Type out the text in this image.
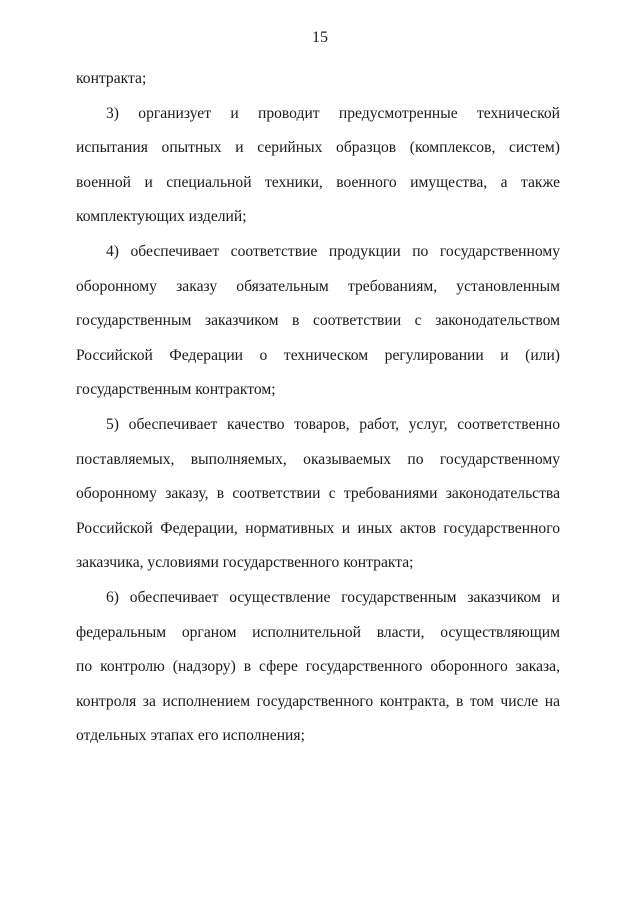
15
контракта;
3) организует и проводит предусмотренные технической
испытания опытных и серийных образцов (комплексов, систем)
военной и специальной техники, военного имущества, а также
комплектующих изделий;
4) обеспечивает соответствие продукции по государственному
оборонному заказу обязательным требованиям, установленным
государственным заказчиком в соответствии с законодательством
Российской Федерации о техническом регулировании и (или)
государственным контрактом;
5) обеспечивает качество товаров, работ, услуг, соответственно
поставляемых, выполняемых, оказываемых по государственному
оборонному заказу, в соответствии с требованиями законодательства
Российской Федерации, нормативных и иных актов государственного
заказчика, условиями государственного контракта;
6) обеспечивает осуществление государственным заказчиком и
федеральным органом исполнительной власти, осуществляющим
по контролю (надзору) в сфере государственного оборонного заказа,
контроля за исполнением государственного контракта, в том числе на
отдельных этапах его исполнения;
